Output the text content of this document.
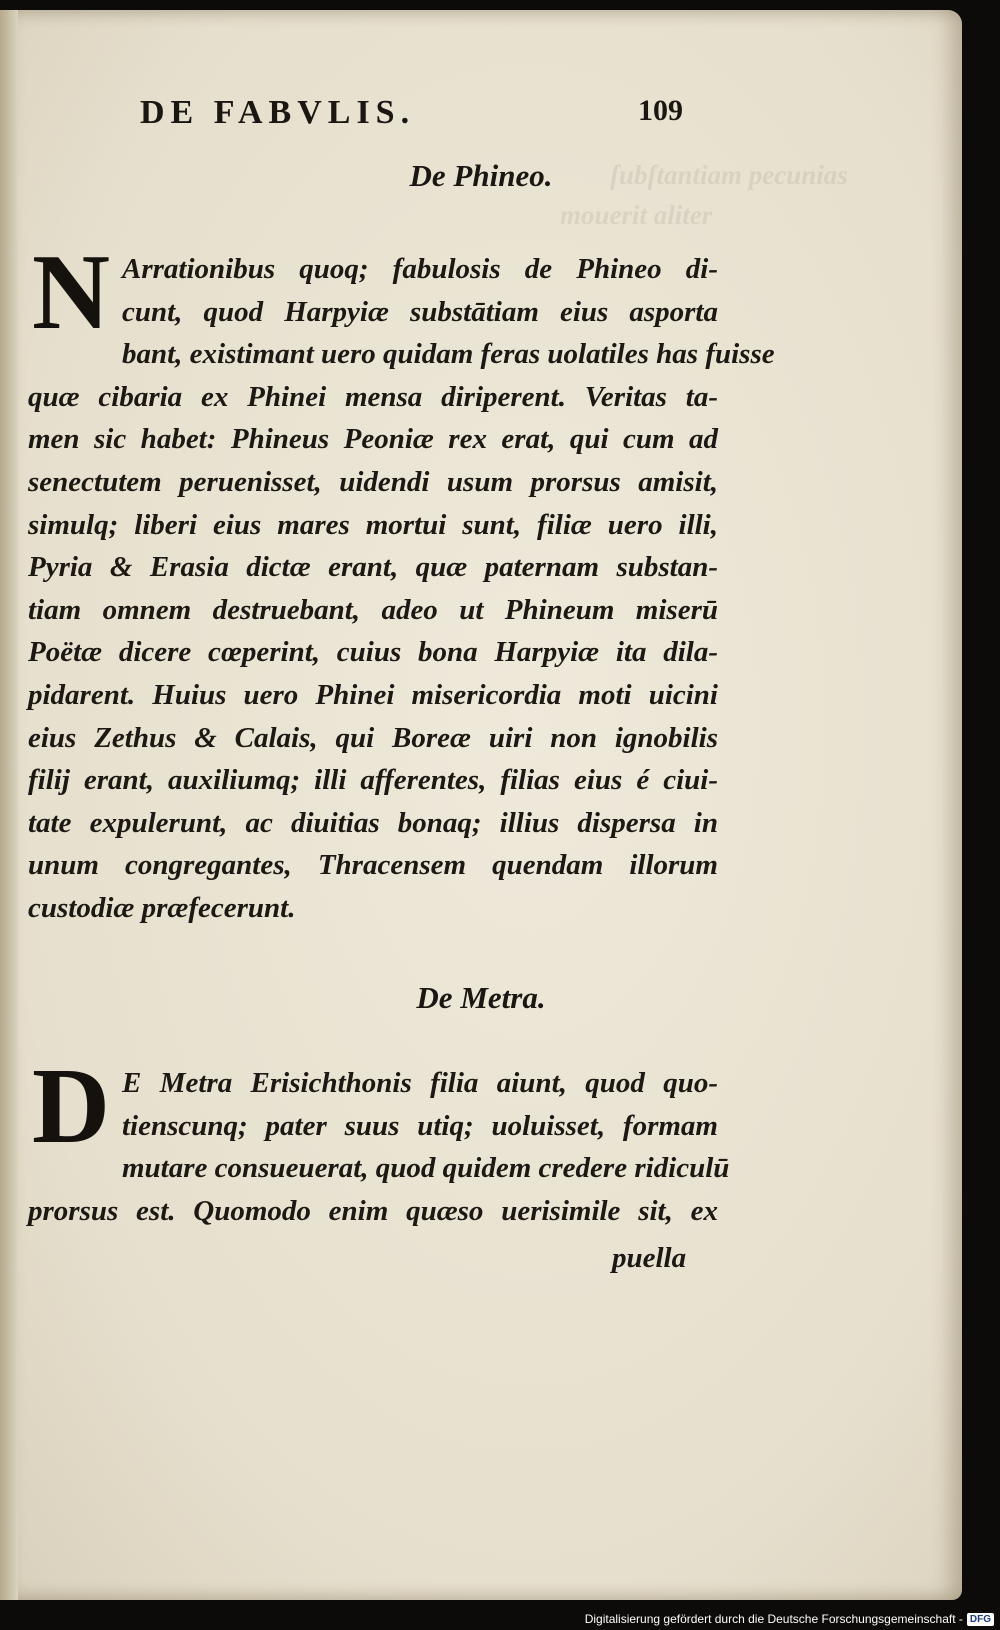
ſubſtantiam pecunias
mouerit aliter

DE FABVLIS.	109
De Phineo.
N Arrationibus quoq; fabulosis de Phineo di-
cunt, quod Harpyiæ substātiam eius asporta
bant, existimant uero quidam feras uolatiles has fuisse
quæ cibaria ex Phinei mensa diriperent. Veritas ta-
men sic habet: Phineus Peoniæ rex erat, qui cum ad
senectutem peruenisset, uidendi usum prorsus amisit,
simulq; liberi eius mares mortui sunt, filiæ uero illi,
Pyria & Erasia dictæ erant, quæ paternam substan-
tiam omnem destruebant, adeo ut Phineum miserū
Poëtæ dicere cœperint, cuius bona Harpyiæ ita dila-
pidarent. Huius uero Phinei misericordia moti uicini
eius Zethus & Calais, qui Boreæ uiri non ignobilis
filij erant, auxiliumq; illi afferentes, filias eius é ciui-
tate expulerunt, ac diuitias bonaq; illius dispersa in
unum congregantes, Thracensem quendam illorum
custodiæ præfecerunt.
De Metra.
D E Metra Erisichthonis filia aiunt, quod quo-
tienscunq; pater suus utiq; uoluisset, formam
mutare consueuerat, quod quidem credere ridiculū
prorsus est. Quomodo enim quæso uerisimile sit, ex
puella
Digitalisierung gefördert durch die Deutsche Forschungsgemeinschaft - DFG
